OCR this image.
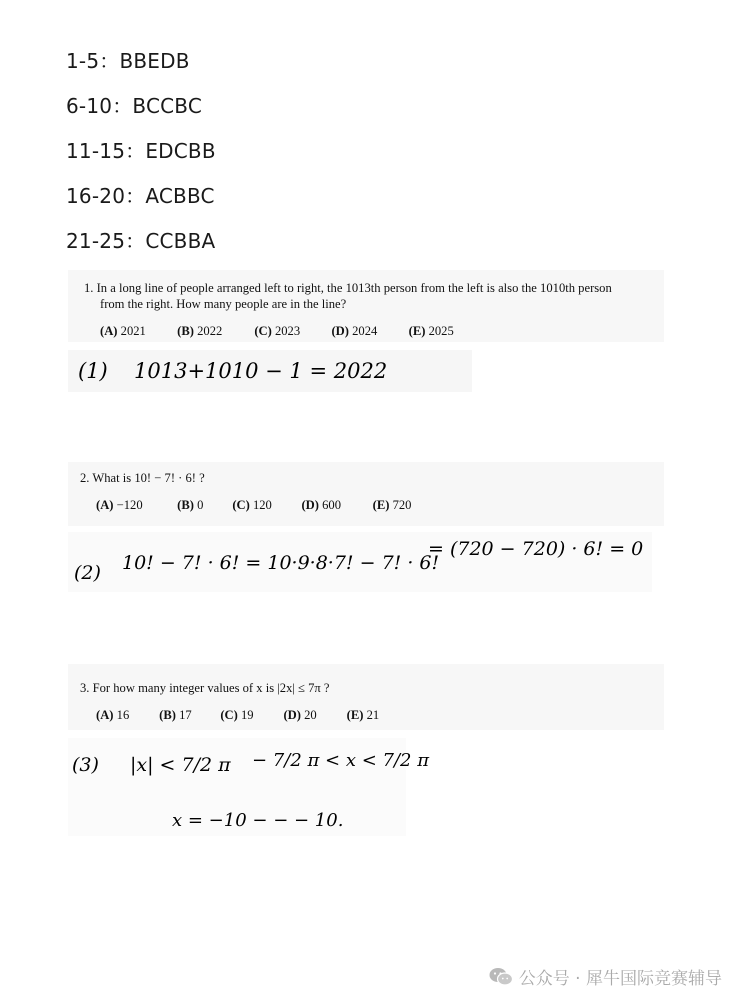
1-5：BBEDB
6-10：BCCBC
11-15：EDCBB
16-20：ACBBC
21-25：CCBBA
1. In a long line of people arranged left to right, the 1013th person from the left is also the 1010th person
from the right. How many people are in the line?
(A) 2021 (B) 2022	(C) 2023 (D) 2024 (E) 2025
(1) 1013+1010 − 1 = 2022
2. What is 10! − 7! · 6! ?
(A) −120	(B) 0 (C) 120 (D) 600	(E) 720
(2) 10! − 7! · 6! = 10·9·8·7! − 7! · 6!
= (720 − 720) · 6! = 0
3. For how many integer values of x is |2x| ≤ 7π ?
(A) 16 (B) 17 (C) 19 (D) 20 (E) 21
(3) |x| < 7/2 π − 7/2 π < x < 7/2 π
x = −10 − − − 10.
公众号 · 犀牛国际竞赛辅导
